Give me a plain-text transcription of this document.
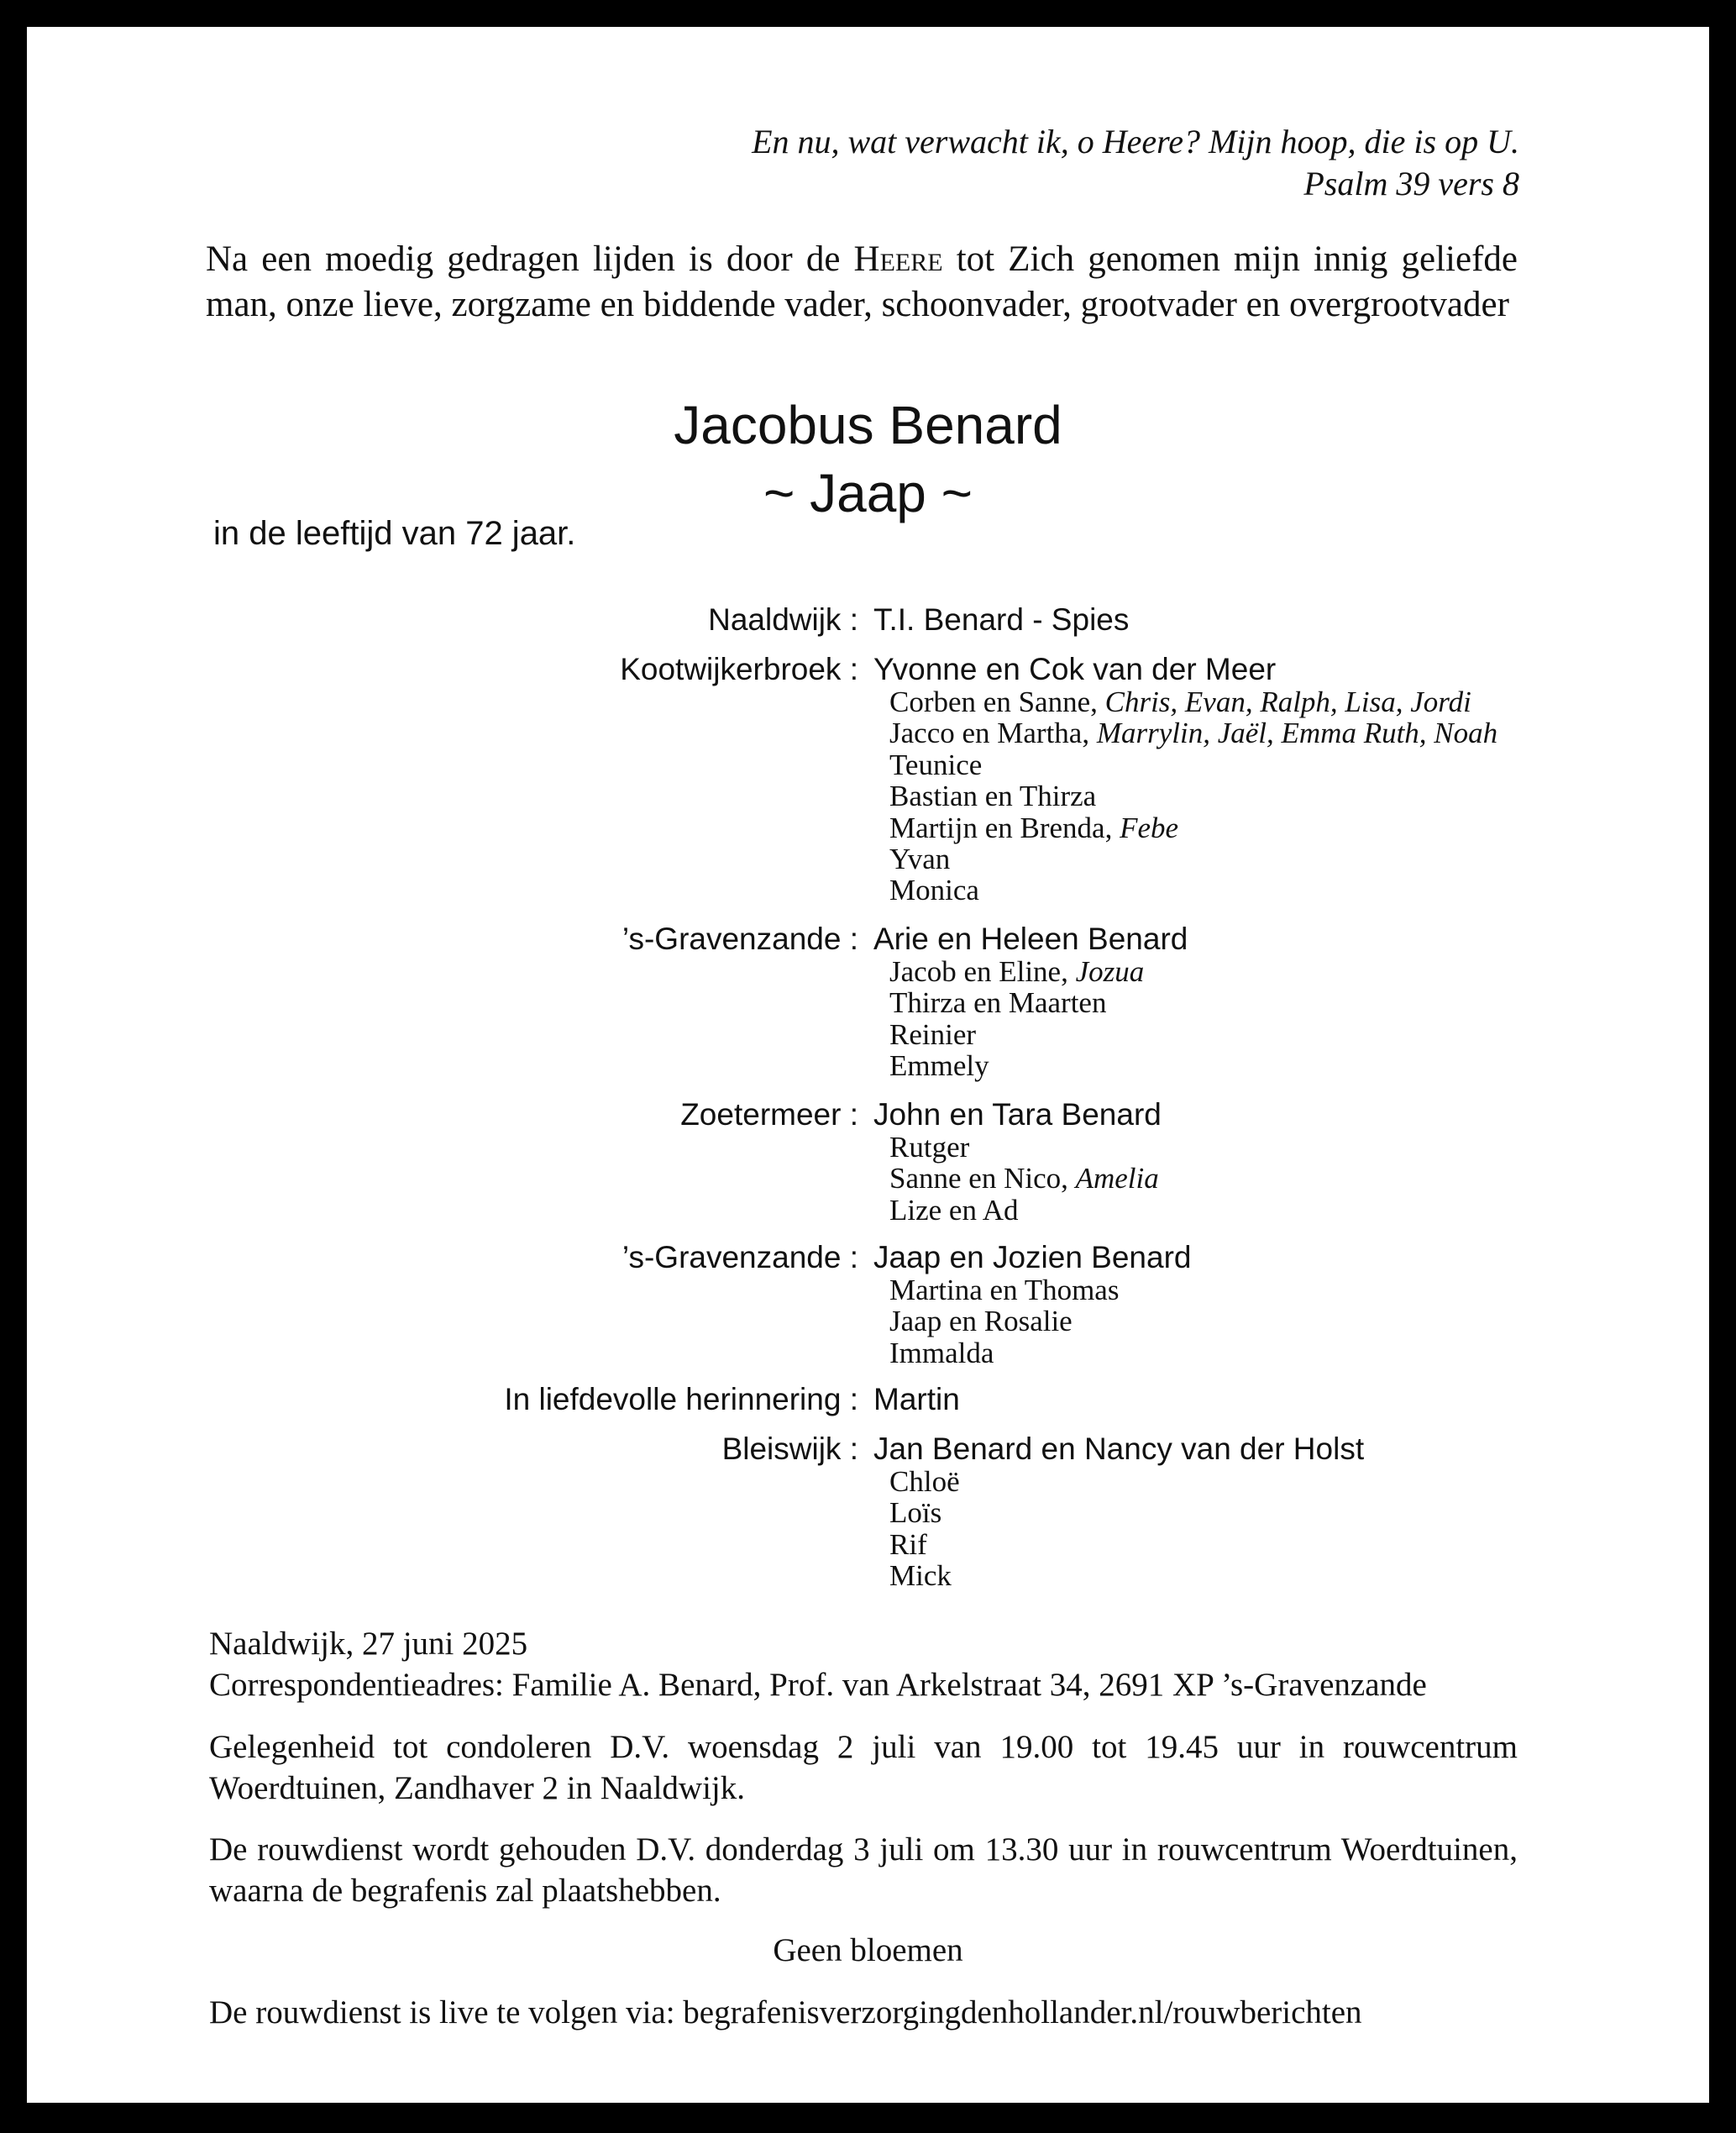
En nu, wat verwacht ik, o Heere? Mijn hoop, die is op U.
Psalm 39 vers 8
Na een moedig gedragen lijden is door de Heere tot Zich genomen mijn innig geliefde man, onze lieve, zorgzame en biddende vader, schoonvader, grootvader en overgrootvader
Jacobus Benard
~ Jaap ~
in de leeftijd van 72 jaar.
Naaldwijk : T.I. Benard - Spies
Kootwijkerbroek : Yvonne en Cok van der Meer
Corben en Sanne, Chris, Evan, Ralph, Lisa, Jordi
Jacco en Martha, Marrylin, Jaël, Emma Ruth, Noah
Teunice
Bastian en Thirza
Martijn en Brenda, Febe
Yvan
Monica
’s-Gravenzande : Arie en Heleen Benard
Jacob en Eline, Jozua
Thirza en Maarten
Reinier
Emmely
Zoetermeer : John en Tara Benard
Rutger
Sanne en Nico, Amelia
Lize en Ad
’s-Gravenzande : Jaap en Jozien Benard
Martina en Thomas
Jaap en Rosalie
Immalda
In liefdevolle herinnering : Martin
Bleiswijk : Jan Benard en Nancy van der Holst
Chloë
Loïs
Rif
Mick
Naaldwijk, 27 juni 2025
Correspondentieadres: Familie A. Benard, Prof. van Arkelstraat 34, 2691 XP ’s-Gravenzande
Gelegenheid tot condoleren D.V. woensdag 2 juli van 19.00 tot 19.45 uur in rouwcentrum Woerdtuinen, Zandhaver 2 in Naaldwijk.
De rouwdienst wordt gehouden D.V. donderdag 3 juli om 13.30 uur in rouwcentrum Woerdtuinen, waarna de begrafenis zal plaatshebben.
Geen bloemen
De rouwdienst is live te volgen via: begrafenisverzorgingdenhollander.nl/rouwberichten
